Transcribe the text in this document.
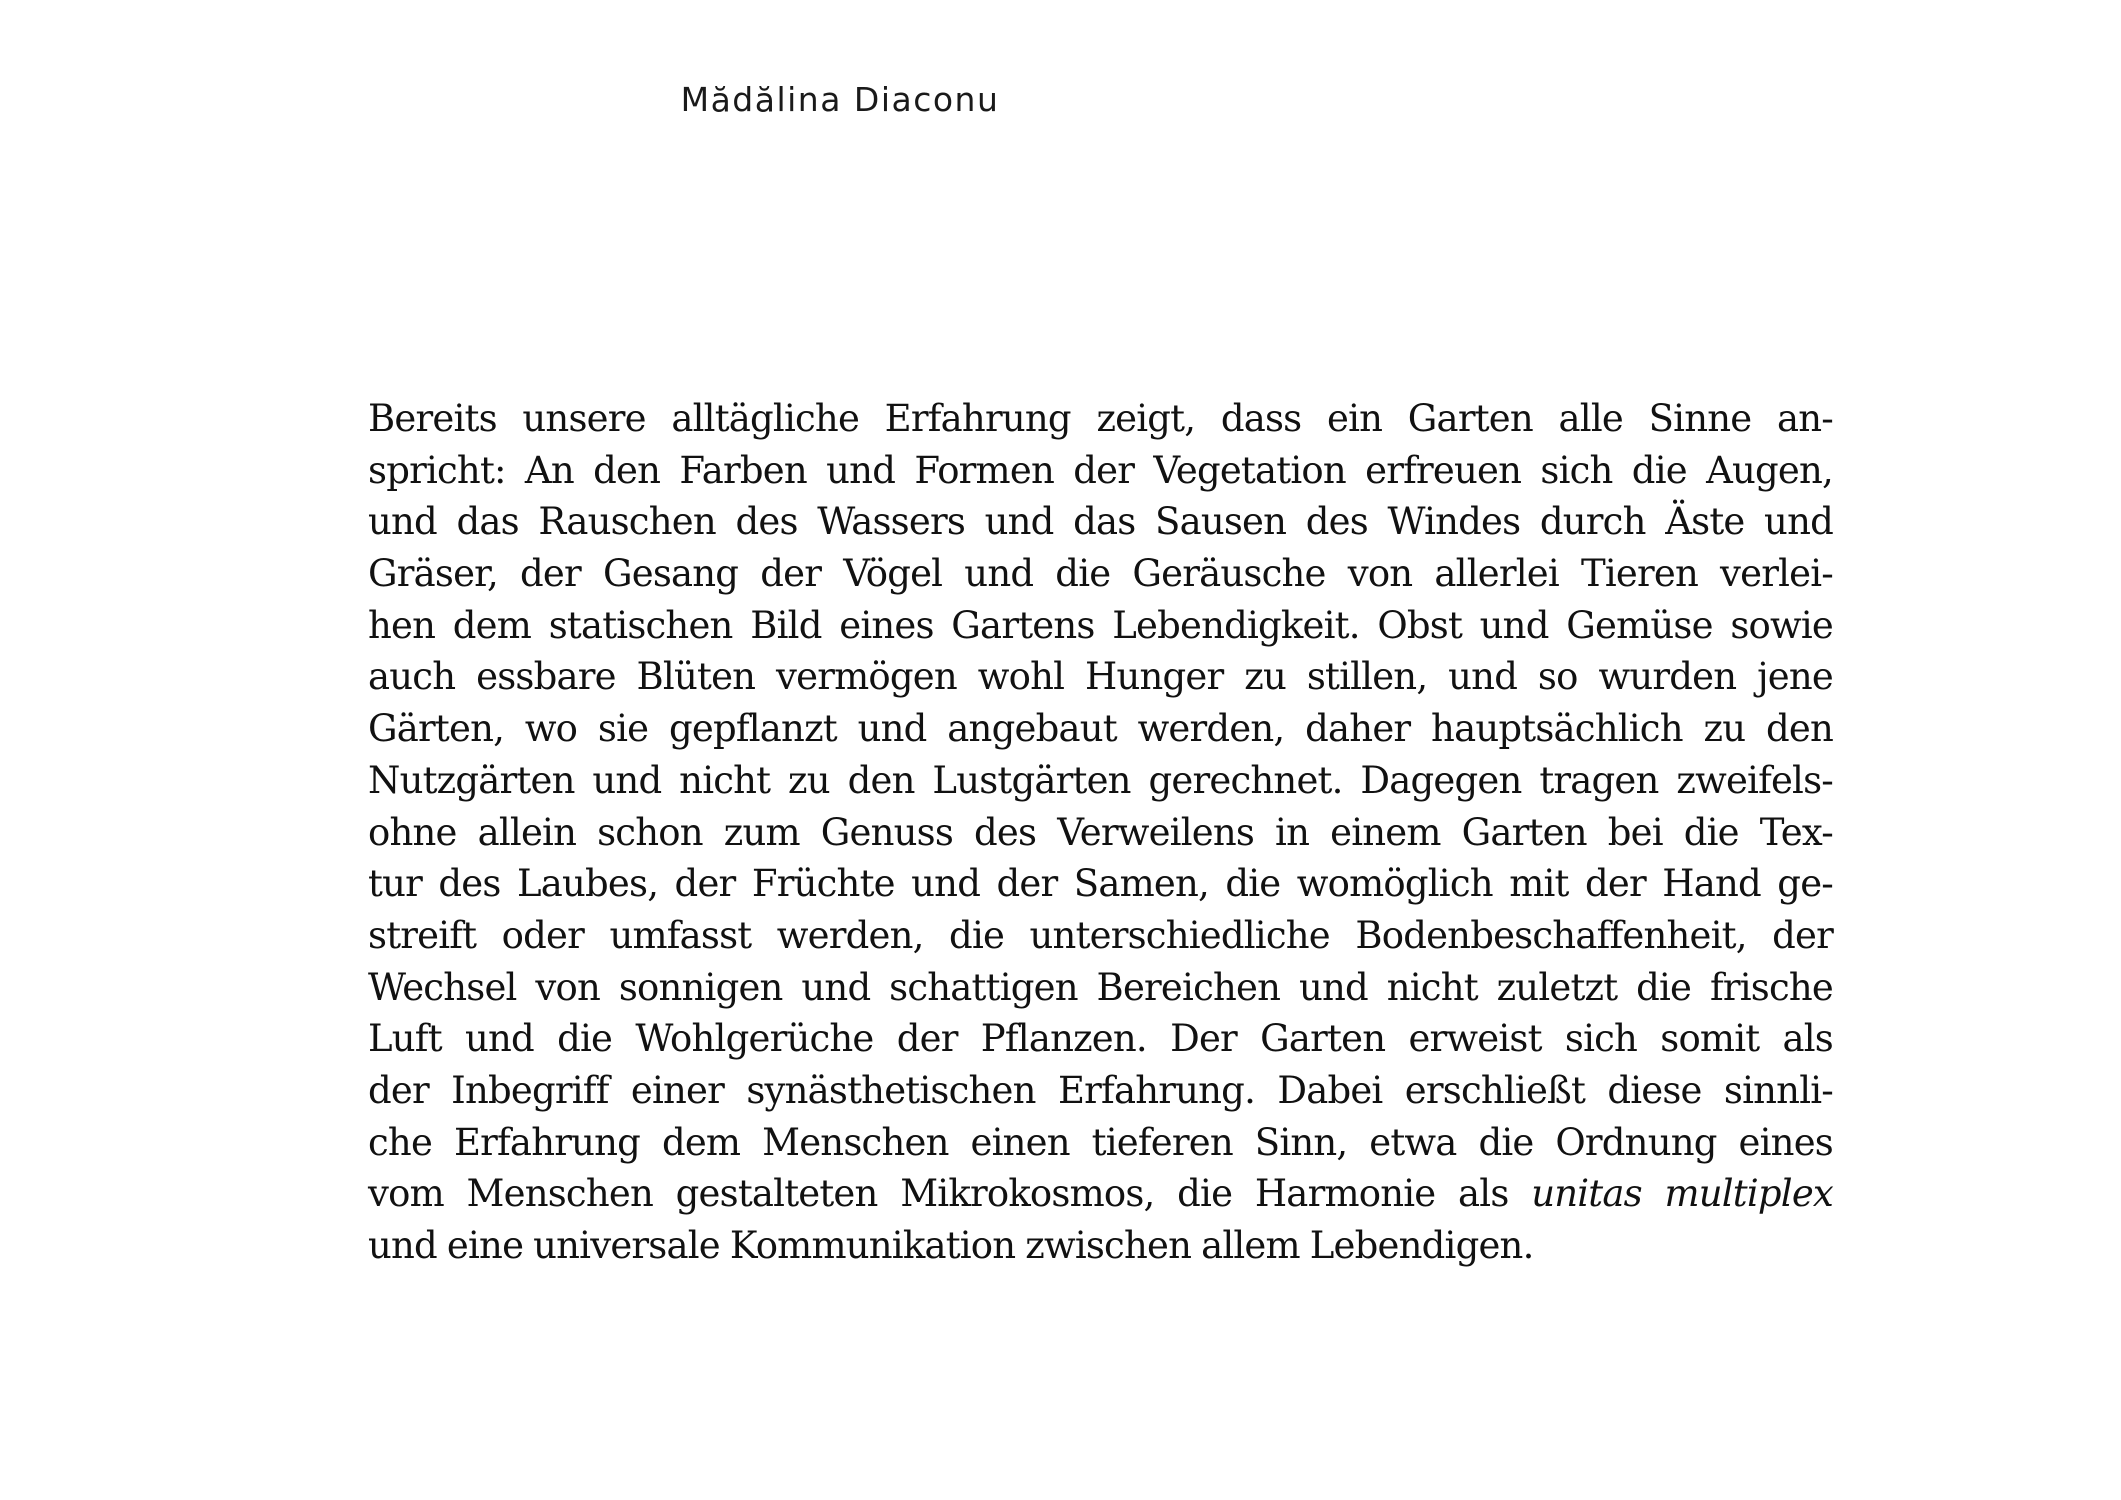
Mădălina Diaconu
Bereits unsere alltägliche Erfahrung zeigt, dass ein Garten alle Sinne an-
spricht: An den Farben und Formen der Vegetation erfreuen sich die Augen,
und das Rauschen des Wassers und das Sausen des Windes durch Äste und
Gräser, der Gesang der Vögel und die Geräusche von allerlei Tieren verlei-
hen dem statischen Bild eines Gartens Lebendigkeit. Obst und Gemüse sowie
auch essbare Blüten vermögen wohl Hunger zu stillen, und so wurden jene
Gärten, wo sie gepflanzt und angebaut werden, daher hauptsächlich zu den
Nutzgärten und nicht zu den Lustgärten gerechnet. Dagegen tragen zweifels-
ohne allein schon zum Genuss des Verweilens in einem Garten bei die Tex-
tur des Laubes, der Früchte und der Samen, die womöglich mit der Hand ge-
streift oder umfasst werden, die unterschiedliche Bodenbeschaffenheit, der
Wechsel von sonnigen und schattigen Bereichen und nicht zuletzt die frische
Luft und die Wohlgerüche der Pflanzen. Der Garten erweist sich somit als
der Inbegriff einer synästhetischen Erfahrung. Dabei erschließt diese sinnli-
che Erfahrung dem Menschen einen tieferen Sinn, etwa die Ordnung eines
vom Menschen gestalteten Mikrokosmos, die Harmonie als unitas multiplex
und eine universale Kommunikation zwischen allem Lebendigen.
